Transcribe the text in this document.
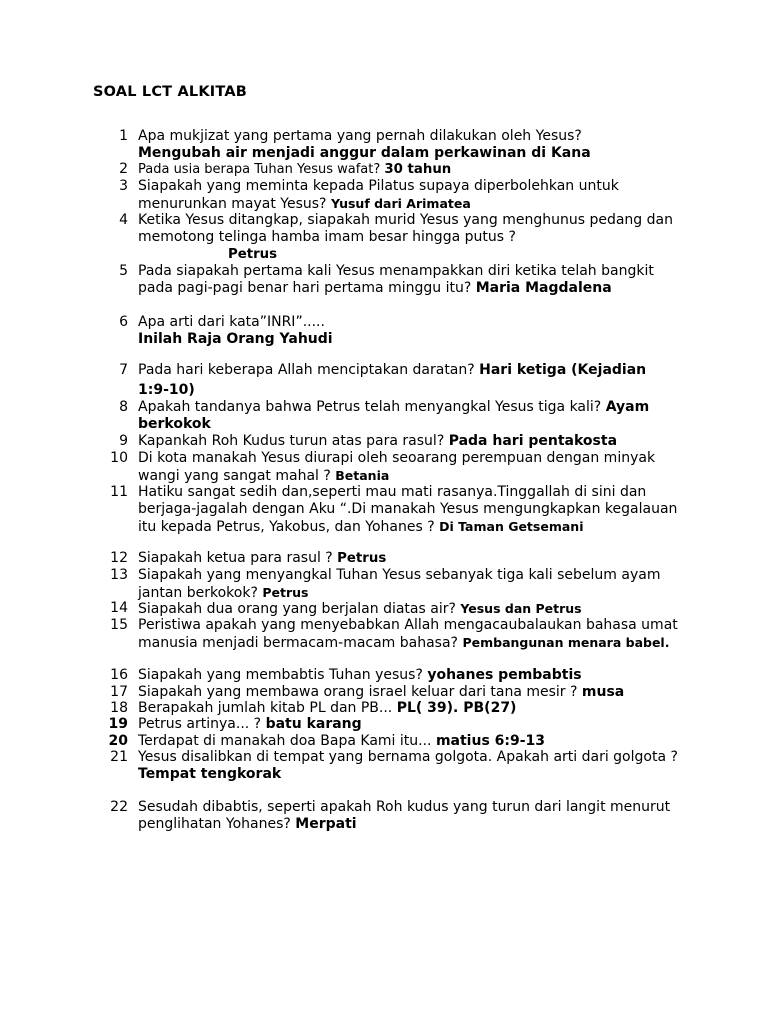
SOAL LCT ALKITAB
1 Apa mukjizat yang pertama yang pernah dilakukan oleh Yesus?
Mengubah air menjadi anggur dalam perkawinan di Kana
2 Pada usia berapa Tuhan Yesus wafat? 30 tahun
3 Siapakah yang meminta kepada Pilatus supaya diperbolehkan untuk menurunkan mayat Yesus? Yusuf dari Arimatea
4 Ketika Yesus ditangkap, siapakah murid Yesus yang menghunus pedang dan memotong telinga hamba imam besar hingga putus ?
Petrus
5 Pada siapakah pertama kali Yesus menampakkan diri ketika telah bangkit pada pagi-pagi benar hari pertama minggu itu? Maria Magdalena
6 Apa arti dari kata”INRI”.....
Inilah Raja Orang Yahudi
7 Pada hari keberapa Allah menciptakan daratan? Hari ketiga (Kejadian 1:9-10)
8 Apakah tandanya bahwa Petrus telah menyangkal Yesus tiga kali? Ayam berkokok
9 Kapankah Roh Kudus turun atas para rasul? Pada hari pentakosta
10 Di kota manakah Yesus diurapi oleh seoarang perempuan dengan minyak wangi yang sangat mahal ? Betania
11 Hatiku sangat sedih dan,seperti mau mati rasanya.Tinggallah di sini dan berjaga-jagalah dengan Aku “.Di manakah Yesus mengungkapkan kegalauan itu kepada Petrus, Yakobus, dan Yohanes ? Di Taman Getsemani
12 Siapakah ketua para rasul ? Petrus
13 Siapakah yang menyangkal Tuhan Yesus sebanyak tiga kali sebelum ayam jantan berkokok? Petrus
14 Siapakah dua orang yang berjalan diatas air? Yesus dan Petrus
15 Peristiwa apakah yang menyebabkan Allah mengacaubalaukan bahasa umat manusia menjadi bermacam-macam bahasa? Pembangunan menara babel.
16 Siapakah yang membabtis Tuhan yesus? yohanes pembabtis
17 Siapakah yang membawa orang israel keluar dari tana mesir ? musa
18 Berapakah jumlah kitab PL dan PB... PL( 39). PB(27)
19 Petrus artinya... ? batu karang
20 Terdapat di manakah doa Bapa Kami itu... matius 6:9-13
21 Yesus disalibkan di tempat yang bernama golgota. Apakah arti dari golgota ?
Tempat tengkorak
22 Sesudah dibabtis, seperti apakah Roh kudus yang turun dari langit menurut penglihatan Yohanes? Merpati
